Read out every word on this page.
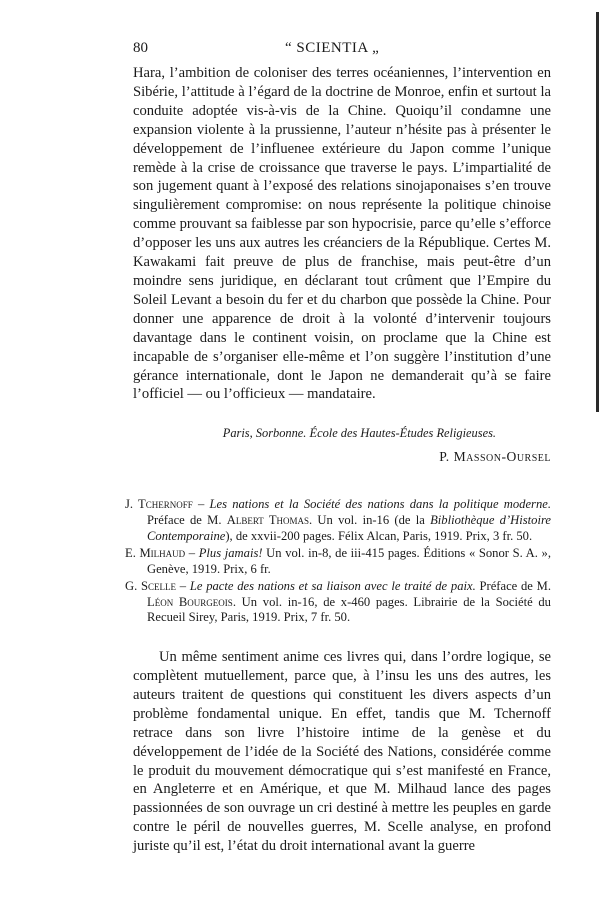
80	“ SCIENTIA „

Hara, l’ambition de coloniser des terres océaniennes, l’intervention en Sibérie, l’attitude à l’égard de la doctrine de Monroe, enfin et surtout la conduite adoptée vis-à-vis de la Chine. Quoiqu’il condamne une expansion violente à la prussienne, l’auteur n’hésite pas à présenter le développement de l’influenee extérieure du Japon comme l’unique remède à la crise de croissance que traverse le pays. L’impartialité de son jugement quant à l’exposé des relations sinojaponaises s’en trouve singulièrement compromise: on nous représente la politique chinoise comme prouvant sa faiblesse par son hypocrisie, parce qu’elle s’efforce d’opposer les uns aux autres les créanciers de la République. Certes M. Kawakami fait preuve de plus de franchise, mais peut-être d’un moindre sens juridique, en déclarant tout crûment que l’Empire du Soleil Levant a besoin du fer et du charbon que possède la Chine. Pour donner une apparence de droit à la volonté d’intervenir toujours davantage dans le continent voisin, on proclame que la Chine est incapable de s’organiser elle-même et l’on suggère l’institution d’une gérance internationale, dont le Japon ne demanderait qu’à se faire l’officiel — ou l’officieux — mandataire.

Paris, Sorbonne. École des Hautes-Études Religieuses.

P. Masson-Oursel

J. Tchernoff – Les nations et la Société des nations dans la politique moderne. Préface de M. Albert Thomas. Un vol. in-16 (de la Bibliothèque d’Histoire Contemporaine), de xxvii-200 pages. Félix Alcan, Paris, 1919. Prix, 3 fr. 50.

E. Milhaud – Plus jamais! Un vol. in-8, de iii-415 pages. Éditions « Sonor S. A. », Genève, 1919. Prix, 6 fr.

G. Scelle – Le pacte des nations et sa liaison avec le traité de paix. Préface de M. Léon Bourgeois. Un vol. in-16, de x-460 pages. Librairie de la Société du Recueil Sirey, Paris, 1919. Prix, 7 fr. 50.

Un même sentiment anime ces livres qui, dans l’ordre logique, se complètent mutuellement, parce que, à l’insu les uns des autres, les auteurs traitent de questions qui constituent les divers aspects d’un problème fondamental unique. En effet, tandis que M. Tchernoff retrace dans son livre l’histoire intime de la genèse et du développement de l’idée de la Société des Nations, considérée comme le produit du mouvement démocratique qui s’est manifesté en France, en Angleterre et en Amérique, et que M. Milhaud lance des pages passionnées de son ouvrage un cri destiné à mettre les peuples en garde contre le péril de nouvelles guerres, M. Scelle analyse, en profond juriste qu’il est, l’état du droit international avant la guerre
